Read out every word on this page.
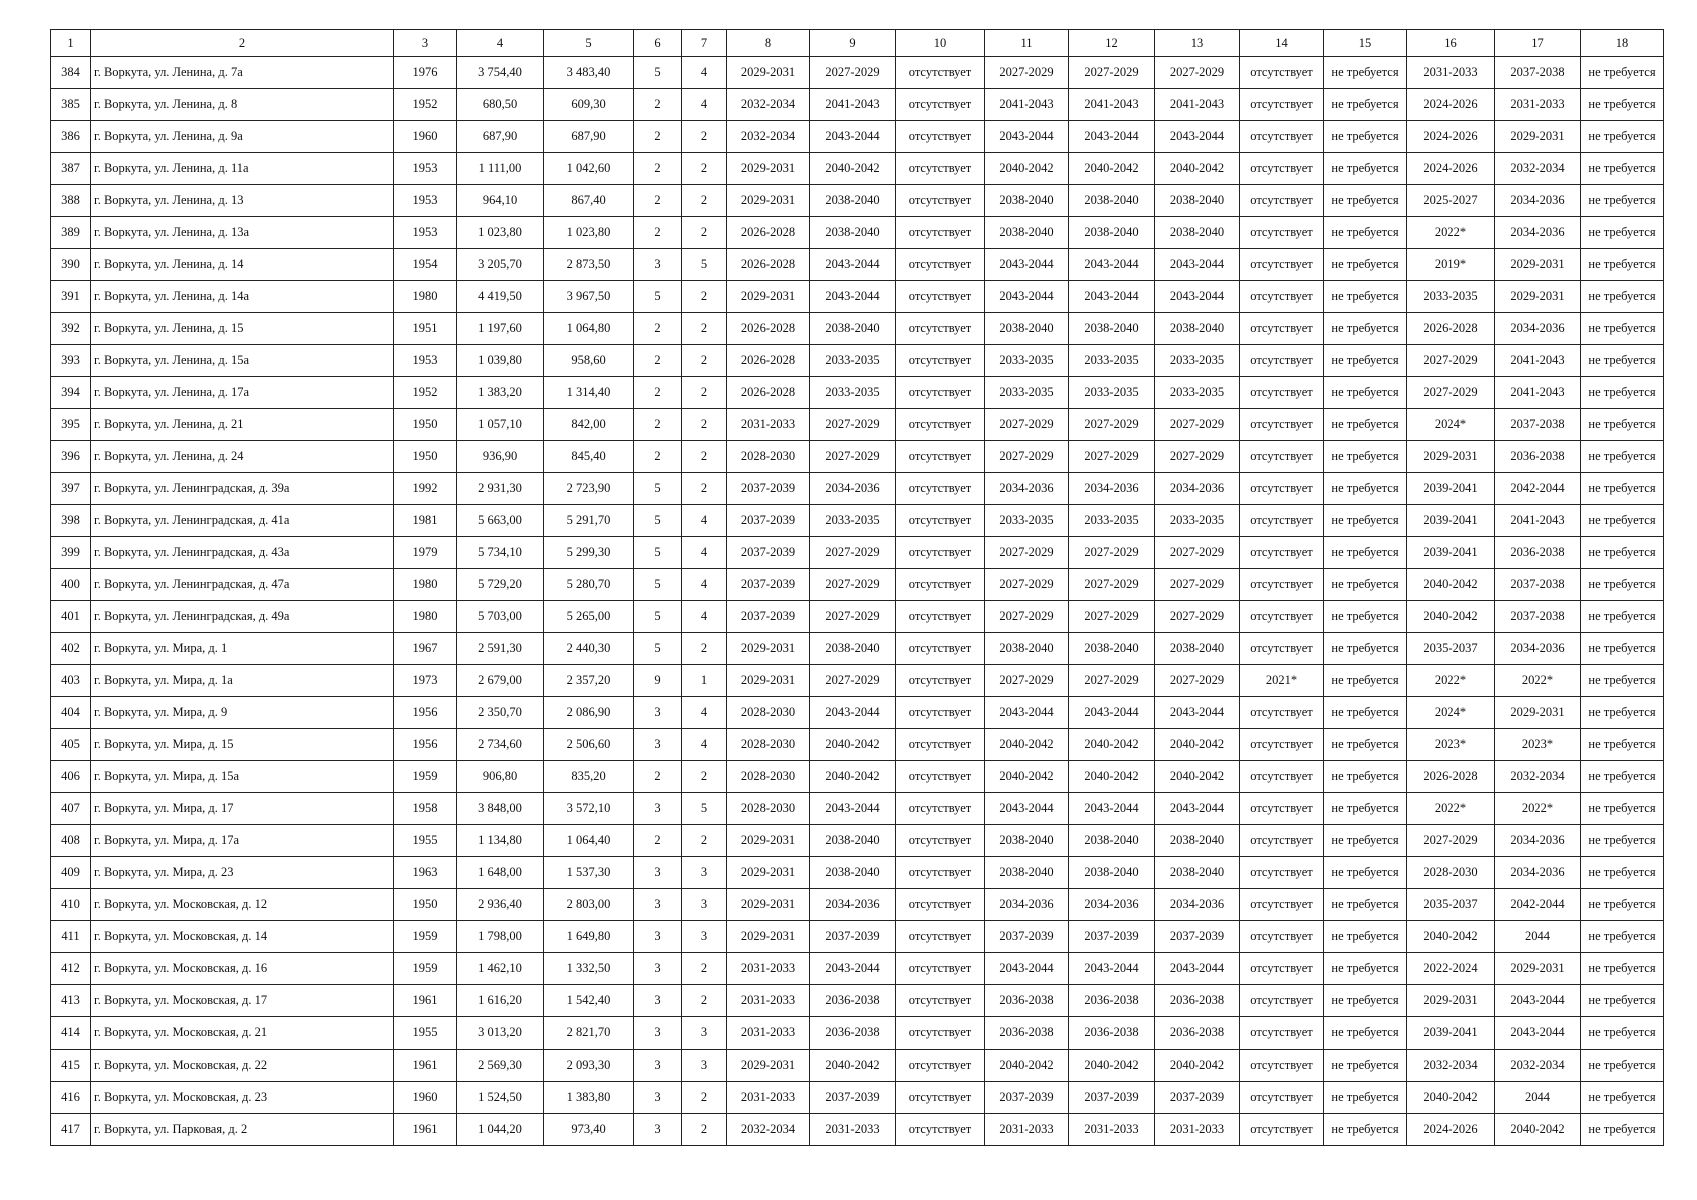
1	2	3	4	5	6	7	8	9	10	11	12	13	14	15	16	17	18
384	г. Воркута, ул. Ленина, д. 7а	1976	3 754,40	3 483,40	5	4	2029-2031	2027-2029	отсутствует	2027-2029	2027-2029	2027-2029	отсутствует	не требуется	2031-2033	2037-2038	не требуется
385	г. Воркута, ул. Ленина, д. 8	1952	680,50	609,30	2	4	2032-2034	2041-2043	отсутствует	2041-2043	2041-2043	2041-2043	отсутствует	не требуется	2024-2026	2031-2033	не требуется
386	г. Воркута, ул. Ленина, д. 9а	1960	687,90	687,90	2	2	2032-2034	2043-2044	отсутствует	2043-2044	2043-2044	2043-2044	отсутствует	не требуется	2024-2026	2029-2031	не требуется
387	г. Воркута, ул. Ленина, д. 11а	1953	1 111,00	1 042,60	2	2	2029-2031	2040-2042	отсутствует	2040-2042	2040-2042	2040-2042	отсутствует	не требуется	2024-2026	2032-2034	не требуется
388	г. Воркута, ул. Ленина, д. 13	1953	964,10	867,40	2	2	2029-2031	2038-2040	отсутствует	2038-2040	2038-2040	2038-2040	отсутствует	не требуется	2025-2027	2034-2036	не требуется
389	г. Воркута, ул. Ленина, д. 13а	1953	1 023,80	1 023,80	2	2	2026-2028	2038-2040	отсутствует	2038-2040	2038-2040	2038-2040	отсутствует	не требуется	2022*	2034-2036	не требуется
390	г. Воркута, ул. Ленина, д. 14	1954	3 205,70	2 873,50	3	5	2026-2028	2043-2044	отсутствует	2043-2044	2043-2044	2043-2044	отсутствует	не требуется	2019*	2029-2031	не требуется
391	г. Воркута, ул. Ленина, д. 14а	1980	4 419,50	3 967,50	5	2	2029-2031	2043-2044	отсутствует	2043-2044	2043-2044	2043-2044	отсутствует	не требуется	2033-2035	2029-2031	не требуется
392	г. Воркута, ул. Ленина, д. 15	1951	1 197,60	1 064,80	2	2	2026-2028	2038-2040	отсутствует	2038-2040	2038-2040	2038-2040	отсутствует	не требуется	2026-2028	2034-2036	не требуется
393	г. Воркута, ул. Ленина, д. 15а	1953	1 039,80	958,60	2	2	2026-2028	2033-2035	отсутствует	2033-2035	2033-2035	2033-2035	отсутствует	не требуется	2027-2029	2041-2043	не требуется
394	г. Воркута, ул. Ленина, д. 17а	1952	1 383,20	1 314,40	2	2	2026-2028	2033-2035	отсутствует	2033-2035	2033-2035	2033-2035	отсутствует	не требуется	2027-2029	2041-2043	не требуется
395	г. Воркута, ул. Ленина, д. 21	1950	1 057,10	842,00	2	2	2031-2033	2027-2029	отсутствует	2027-2029	2027-2029	2027-2029	отсутствует	не требуется	2024*	2037-2038	не требуется
396	г. Воркута, ул. Ленина, д. 24	1950	936,90	845,40	2	2	2028-2030	2027-2029	отсутствует	2027-2029	2027-2029	2027-2029	отсутствует	не требуется	2029-2031	2036-2038	не требуется
397	г. Воркута, ул. Ленинградская, д. 39а	1992	2 931,30	2 723,90	5	2	2037-2039	2034-2036	отсутствует	2034-2036	2034-2036	2034-2036	отсутствует	не требуется	2039-2041	2042-2044	не требуется
398	г. Воркута, ул. Ленинградская, д. 41а	1981	5 663,00	5 291,70	5	4	2037-2039	2033-2035	отсутствует	2033-2035	2033-2035	2033-2035	отсутствует	не требуется	2039-2041	2041-2043	не требуется
399	г. Воркута, ул. Ленинградская, д. 43а	1979	5 734,10	5 299,30	5	4	2037-2039	2027-2029	отсутствует	2027-2029	2027-2029	2027-2029	отсутствует	не требуется	2039-2041	2036-2038	не требуется
400	г. Воркута, ул. Ленинградская, д. 47а	1980	5 729,20	5 280,70	5	4	2037-2039	2027-2029	отсутствует	2027-2029	2027-2029	2027-2029	отсутствует	не требуется	2040-2042	2037-2038	не требуется
401	г. Воркута, ул. Ленинградская, д. 49а	1980	5 703,00	5 265,00	5	4	2037-2039	2027-2029	отсутствует	2027-2029	2027-2029	2027-2029	отсутствует	не требуется	2040-2042	2037-2038	не требуется
402	г. Воркута, ул. Мира, д. 1	1967	2 591,30	2 440,30	5	2	2029-2031	2038-2040	отсутствует	2038-2040	2038-2040	2038-2040	отсутствует	не требуется	2035-2037	2034-2036	не требуется
403	г. Воркута, ул. Мира, д. 1а	1973	2 679,00	2 357,20	9	1	2029-2031	2027-2029	отсутствует	2027-2029	2027-2029	2027-2029	2021*	не требуется	2022*	2022*	не требуется
404	г. Воркута, ул. Мира, д. 9	1956	2 350,70	2 086,90	3	4	2028-2030	2043-2044	отсутствует	2043-2044	2043-2044	2043-2044	отсутствует	не требуется	2024*	2029-2031	не требуется
405	г. Воркута, ул. Мира, д. 15	1956	2 734,60	2 506,60	3	4	2028-2030	2040-2042	отсутствует	2040-2042	2040-2042	2040-2042	отсутствует	не требуется	2023*	2023*	не требуется
406	г. Воркута, ул. Мира, д. 15а	1959	906,80	835,20	2	2	2028-2030	2040-2042	отсутствует	2040-2042	2040-2042	2040-2042	отсутствует	не требуется	2026-2028	2032-2034	не требуется
407	г. Воркута, ул. Мира, д. 17	1958	3 848,00	3 572,10	3	5	2028-2030	2043-2044	отсутствует	2043-2044	2043-2044	2043-2044	отсутствует	не требуется	2022*	2022*	не требуется
408	г. Воркута, ул. Мира, д. 17а	1955	1 134,80	1 064,40	2	2	2029-2031	2038-2040	отсутствует	2038-2040	2038-2040	2038-2040	отсутствует	не требуется	2027-2029	2034-2036	не требуется
409	г. Воркута, ул. Мира, д. 23	1963	1 648,00	1 537,30	3	3	2029-2031	2038-2040	отсутствует	2038-2040	2038-2040	2038-2040	отсутствует	не требуется	2028-2030	2034-2036	не требуется
410	г. Воркута, ул. Московская, д. 12	1950	2 936,40	2 803,00	3	3	2029-2031	2034-2036	отсутствует	2034-2036	2034-2036	2034-2036	отсутствует	не требуется	2035-2037	2042-2044	не требуется
411	г. Воркута, ул. Московская, д. 14	1959	1 798,00	1 649,80	3	3	2029-2031	2037-2039	отсутствует	2037-2039	2037-2039	2037-2039	отсутствует	не требуется	2040-2042	2044	не требуется
412	г. Воркута, ул. Московская, д. 16	1959	1 462,10	1 332,50	3	2	2031-2033	2043-2044	отсутствует	2043-2044	2043-2044	2043-2044	отсутствует	не требуется	2022-2024	2029-2031	не требуется
413	г. Воркута, ул. Московская, д. 17	1961	1 616,20	1 542,40	3	2	2031-2033	2036-2038	отсутствует	2036-2038	2036-2038	2036-2038	отсутствует	не требуется	2029-2031	2043-2044	не требуется
414	г. Воркута, ул. Московская, д. 21	1955	3 013,20	2 821,70	3	3	2031-2033	2036-2038	отсутствует	2036-2038	2036-2038	2036-2038	отсутствует	не требуется	2039-2041	2043-2044	не требуется
415	г. Воркута, ул. Московская, д. 22	1961	2 569,30	2 093,30	3	3	2029-2031	2040-2042	отсутствует	2040-2042	2040-2042	2040-2042	отсутствует	не требуется	2032-2034	2032-2034	не требуется
416	г. Воркута, ул. Московская, д. 23	1960	1 524,50	1 383,80	3	2	2031-2033	2037-2039	отсутствует	2037-2039	2037-2039	2037-2039	отсутствует	не требуется	2040-2042	2044	не требуется
417	г. Воркута, ул. Парковая, д. 2	1961	1 044,20	973,40	3	2	2032-2034	2031-2033	отсутствует	2031-2033	2031-2033	2031-2033	отсутствует	не требуется	2024-2026	2040-2042	не требуется
